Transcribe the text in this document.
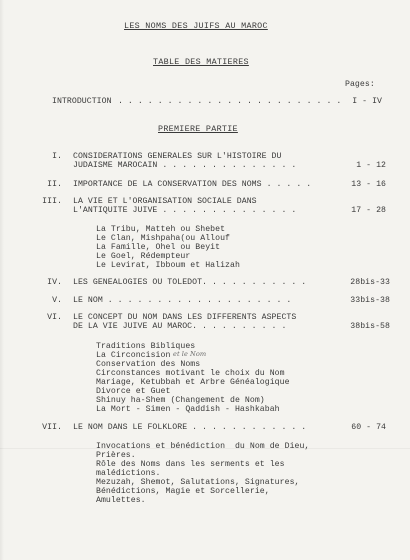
LES NOMS DES JUIFS AU MAROC
TABLE DES MATIERES
Pages:
INTRODUCTION . . . . . . . . . . . . . . . . . . . . . . .	I - IV
PREMIERE PARTIE
I. CONSIDERATIONS GENERALES SUR L'HISTOIRE DU
JUDAISME MAROCAIN . . . . . . . . . . . . . .	1 - 12
II. IMPORTANCE DE LA CONSERVATION DES NOMS . . . . .	13 - 16
III. LA VIE ET L'ORGANISATION SOCIALE DANS
L'ANTIQUITE JUIVE . . . . . . . . . . . . . .	17 - 28
La Tribu, Matteh ou Shebet
Le Clan, Mishpaha(ou Allouf
La Famille, Ohel ou Beyit
Le Goel, Rédempteur
Le Levirat, Ibboum et Halizah
IV. LES GENEALOGIES OU TOLEDOT. . . . . . . . . . .	28bis-33
V. LE NOM . . . . . . . . . . . . . . . . . . .	33bis-38
VI. LE CONCEPT DU NOM DANS LES DIFFERENTS ASPECTS
DE LA VIE JUIVE AU MAROC. . . . . . . . . .	38bis-58
Traditions Bibliques
La Circoncision et le Nom
Conservation des Noms
Circonstances motivant le choix du Nom
Mariage, Ketubbah et Arbre Généalogique
Divorce et Guet
Shinuy ha-Shem (Changement de Nom)
La Mort - Simen - Qaddish - Hashkabah
VII. LE NOM DANS LE FOLKLORE . . . . . . . . . . . .	60 - 74
Invocations et bénédiction  du Nom de Dieu,
Prières.
Rôle des Noms dans les serments et les
malédictions.
Mezuzah, Shemot, Salutations, Signatures,
Bénédictions, Magie et Sorcellerie,
Amulettes.
